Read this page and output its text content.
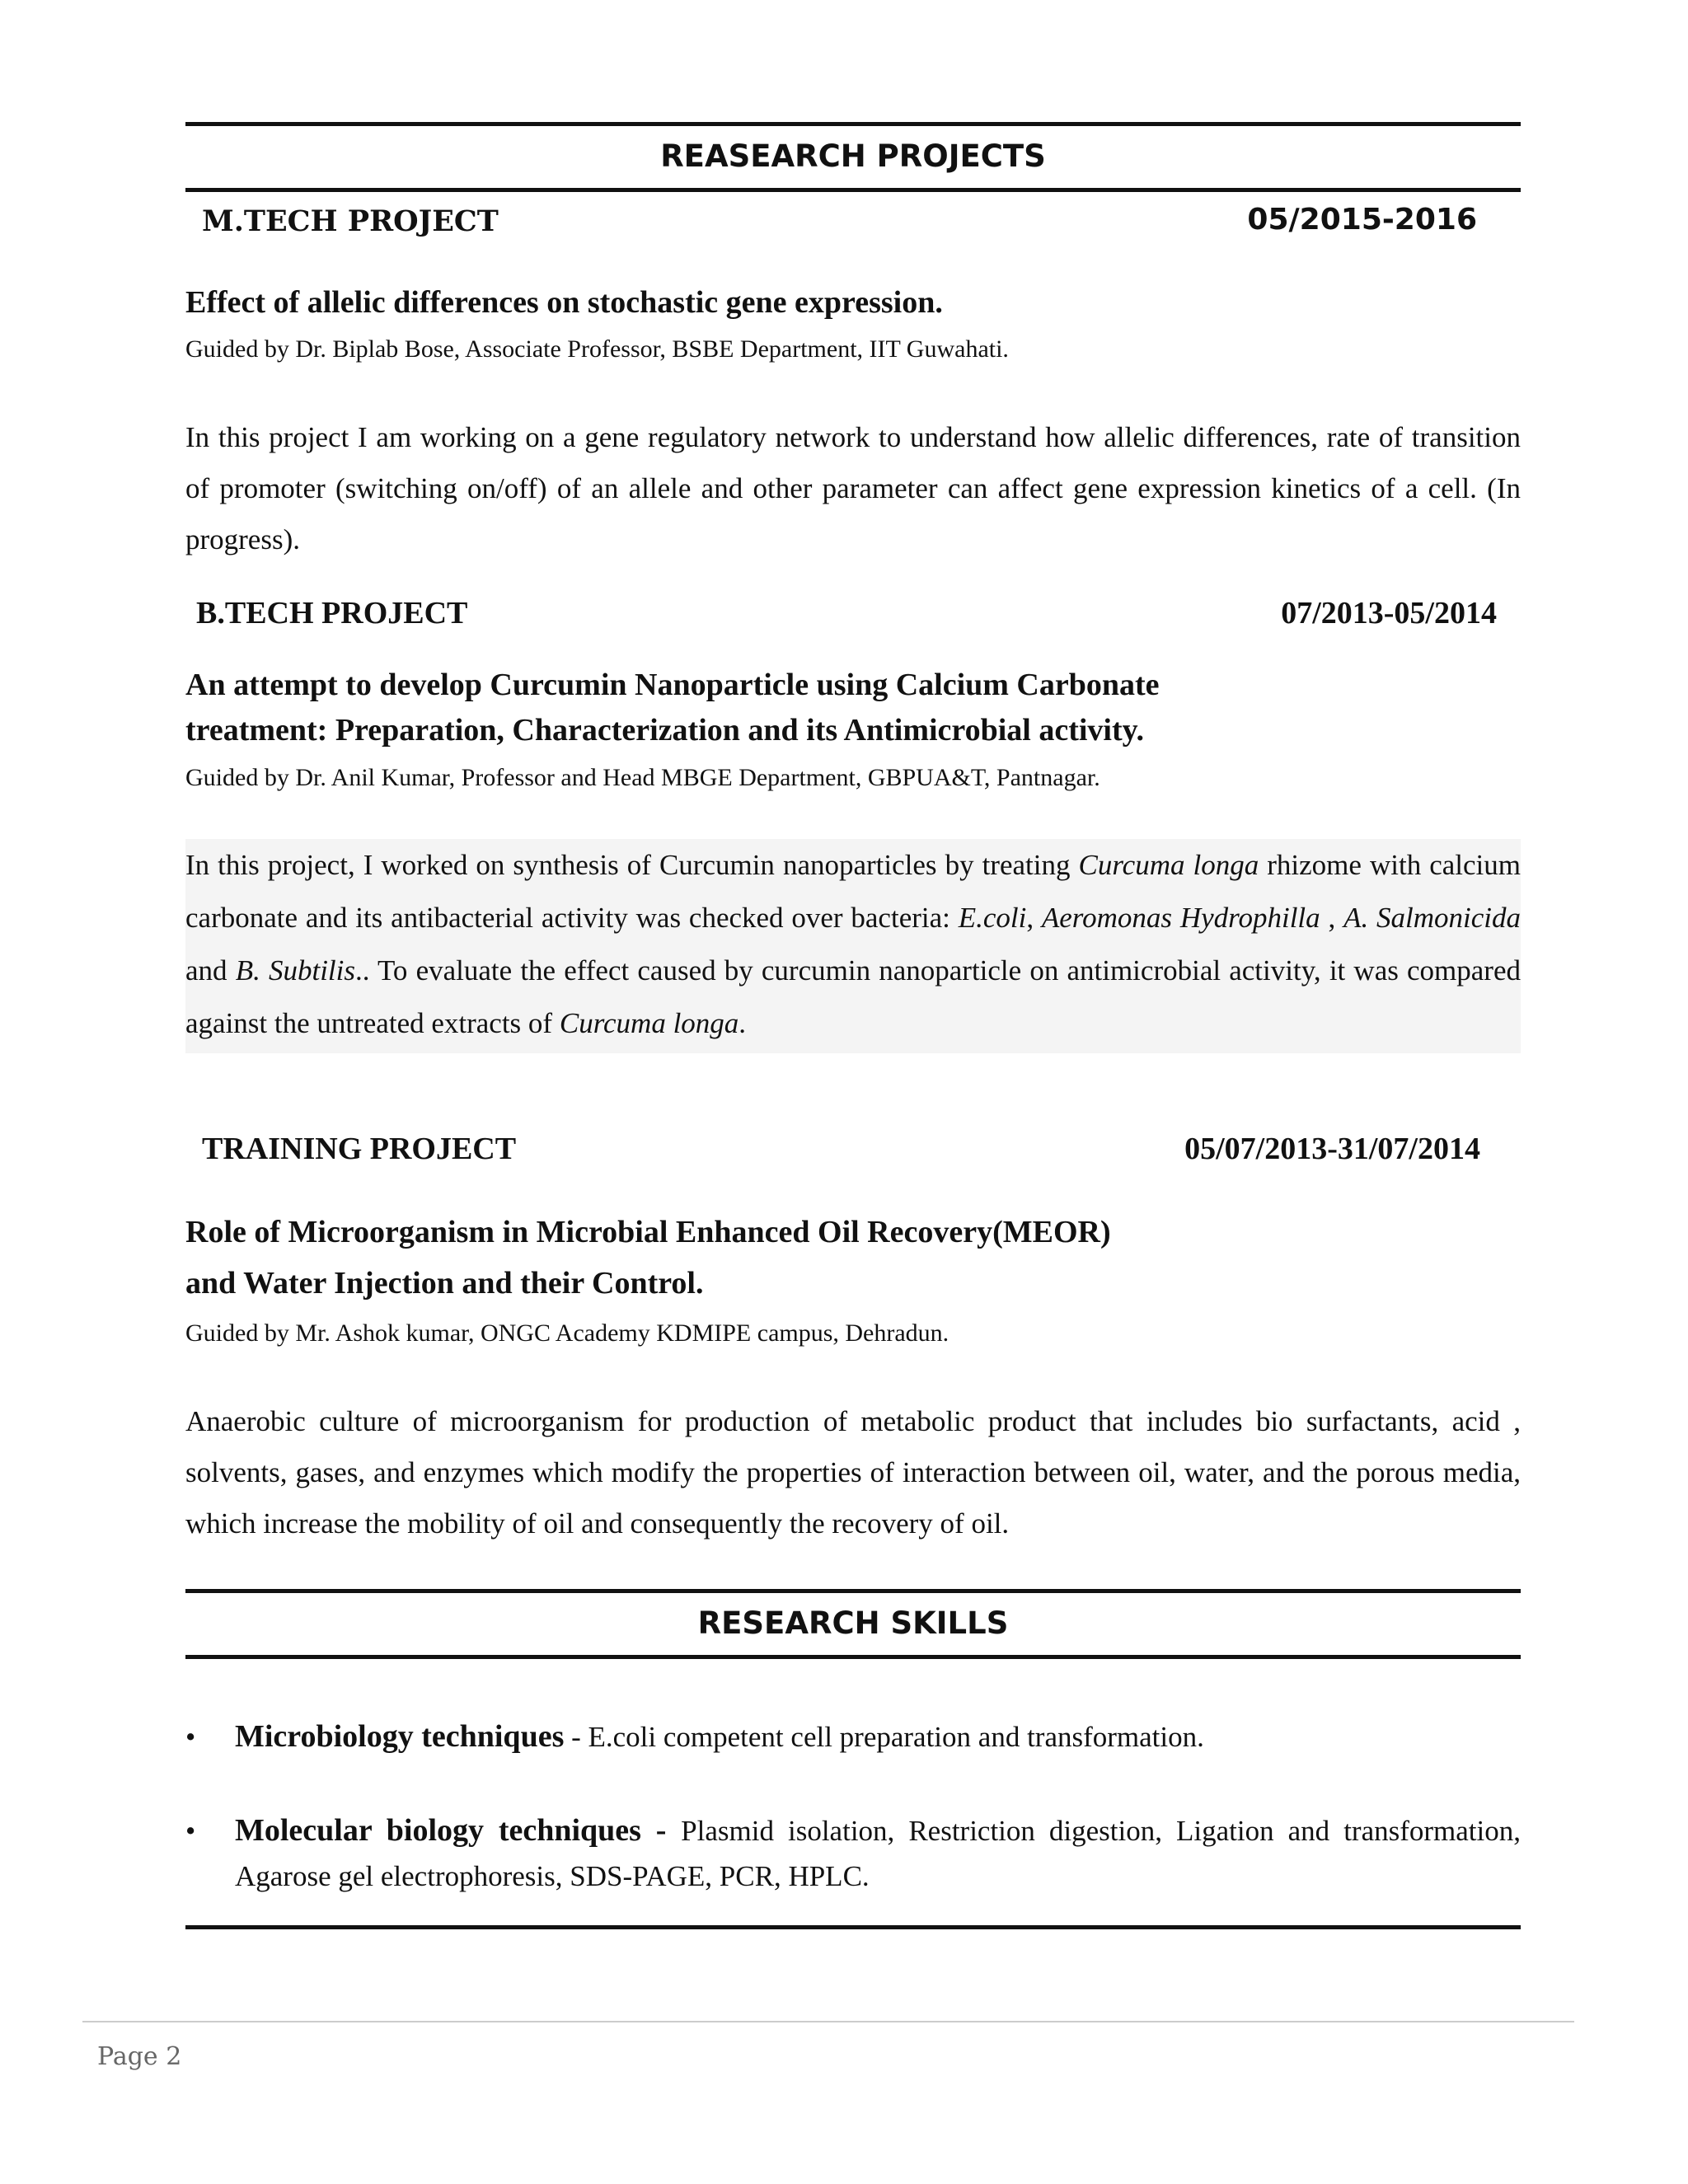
REASEARCH PROJECTS
M.TECH PROJECT	05/2015-2016
Effect of allelic differences on stochastic gene expression.
Guided by Dr. Biplab Bose, Associate Professor, BSBE Department, IIT Guwahati.
In this project I am working on a gene regulatory network to understand how allelic differences, rate of transition of promoter (switching on/off) of an allele and other parameter can affect gene expression kinetics of a cell. (In progress).
B.TECH PROJECT	07/2013-05/2014
An attempt to develop Curcumin Nanoparticle using Calcium Carbonate
treatment: Preparation, Characterization and its Antimicrobial activity.
Guided by Dr. Anil Kumar, Professor and Head MBGE Department, GBPUA&T, Pantnagar.
In this project, I worked on synthesis of Curcumin nanoparticles by treating Curcuma longa rhizome with calcium carbonate and its antibacterial activity was checked over bacteria: E.coli, Aeromonas Hydrophilla , A. Salmonicida and B. Subtilis.. To evaluate the effect caused by curcumin nanoparticle on antimicrobial activity, it was compared against the untreated extracts of Curcuma longa.
TRAINING PROJECT	05/07/2013-31/07/2014
Role of Microorganism in Microbial Enhanced Oil Recovery(MEOR)
and Water Injection and their Control.
Guided by Mr. Ashok kumar, ONGC Academy KDMIPE campus, Dehradun.
Anaerobic culture of microorganism for production of metabolic product that includes bio surfactants, acid , solvents, gases, and enzymes which modify the properties of interaction between oil, water, and the porous media, which increase the mobility of oil and consequently the recovery of oil.
RESEARCH SKILLS
• Microbiology techniques - E.coli competent cell preparation and transformation.
• Molecular biology techniques - Plasmid isolation, Restriction digestion, Ligation and transformation, Agarose gel electrophoresis, SDS-PAGE, PCR, HPLC.
Page 2
